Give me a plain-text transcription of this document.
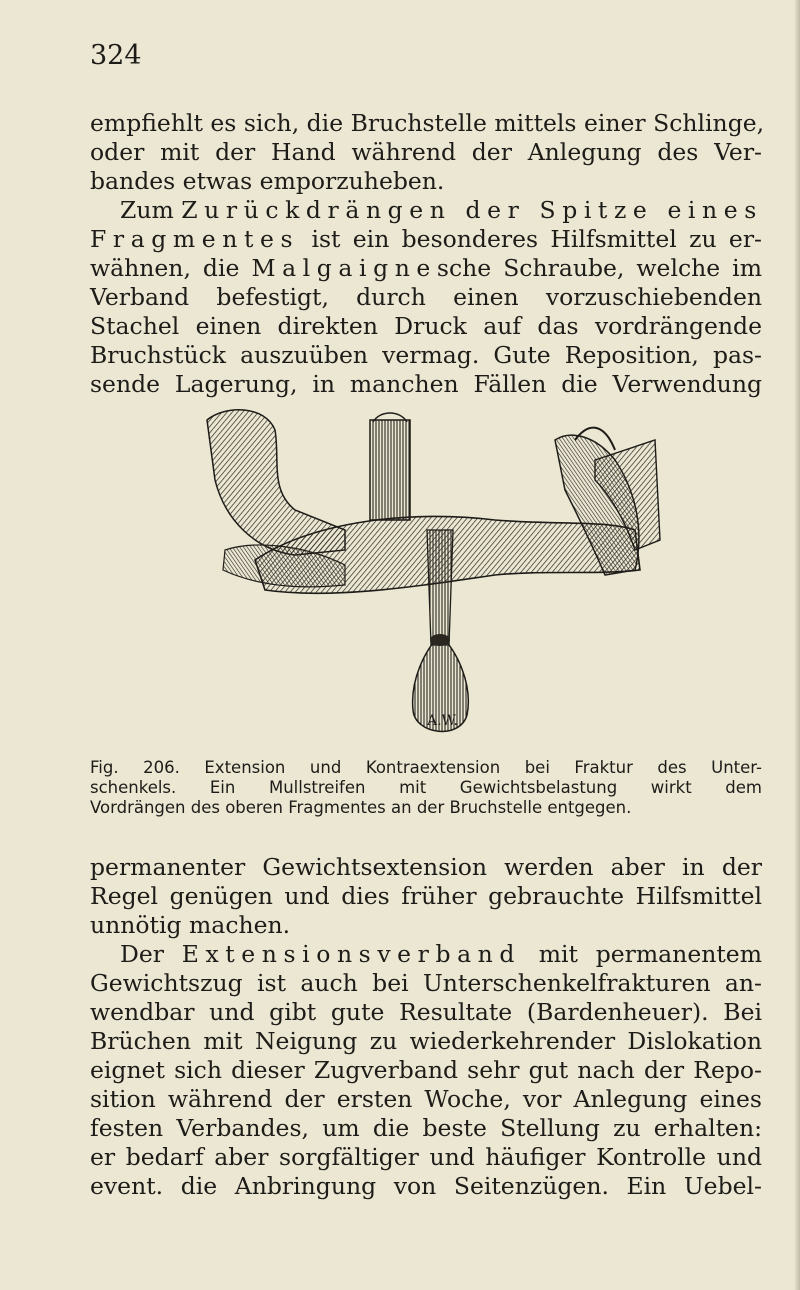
324
empfiehlt es sich, die Bruchstelle mittels einer Schlinge,
oder mit der Hand während der Anlegung des Ver-
bandes etwas emporzuheben.
Zum Zurückdrängen der Spitze eines
Fragmentes ist ein besonderes Hilfsmittel zu er-
wähnen, die Malgaignesche Schraube, welche im
Verband befestigt, durch einen vorzuschiebenden
Stachel einen direkten Druck auf das vordrängende
Bruchstück auszuüben vermag. Gute Reposition, pas-
sende Lagerung, in manchen Fällen die Verwendung
A.W.
Fig. 206. Extension und Kontraextension bei Fraktur des Unter-
schenkels. Ein Mullstreifen mit Gewichtsbelastung wirkt dem
Vordrängen des oberen Fragmentes an der Bruchstelle entgegen.
permanenter Gewichtsextension werden aber in der
Regel genügen und dies früher gebrauchte Hilfsmittel
unnötig machen.
Der Extensionsverband mit permanentem
Gewichtszug ist auch bei Unterschenkelfrakturen an-
wendbar und gibt gute Resultate (Bardenheuer). Bei
Brüchen mit Neigung zu wiederkehrender Dislokation
eignet sich dieser Zugverband sehr gut nach der Repo-
sition während der ersten Woche, vor Anlegung eines
festen Verbandes, um die beste Stellung zu erhalten:
er bedarf aber sorgfältiger und häufiger Kontrolle und
event. die Anbringung von Seitenzügen. Ein Uebel-
